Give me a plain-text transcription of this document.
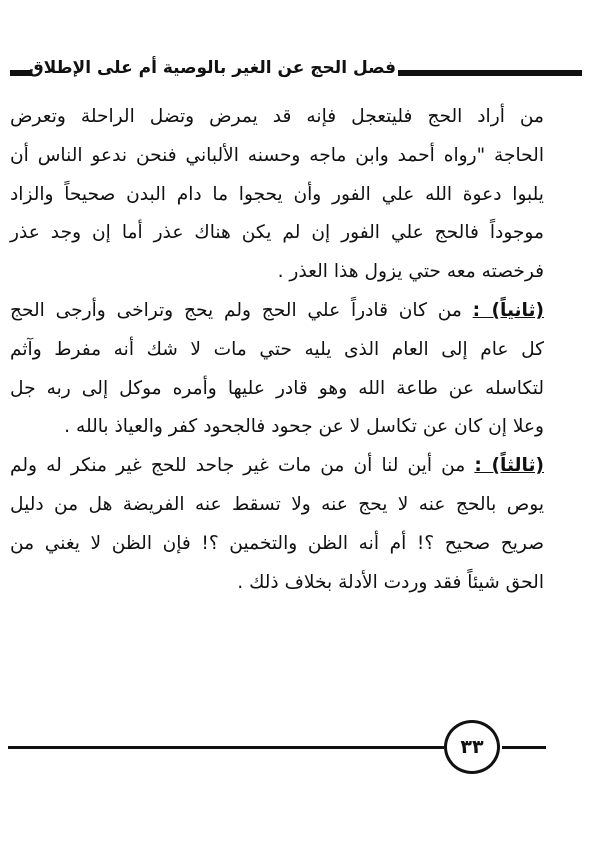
فصل الحج عن الغير بالوصية أم على الإطلاق
من أراد الحج فليتعجل فإنه قد يمرض وتضل الراحلة وتعرض
الحاجة "رواه أحمد وابن ماجه وحسنه الألباني فنحن ندعو الناس أن
يلبوا دعوة الله علي الفور وأن يحجوا ما دام البدن صحيحاً والزاد
موجوداً فالحج علي الفور إن لم يكن هناك عذر أما إن وجد عذر
فرخصته معه حتي يزول هذا العذر .
(ثانياً) : من كان قادراً علي الحج ولم يحج وتراخى وأرجى الحج
كل عام إلى العام الذى يليه حتي مات لا شك أنه مفرط وآثم
لتكاسله عن طاعة الله وهو قادر عليها وأمره موكل إلى ربه جل
وعلا إن كان عن تكاسل لا عن جحود فالجحود كفر والعياذ بالله .
(ثالثاً) : من أين لنا أن من مات غير جاحد للحج غير منكر له ولم
يوص بالحج عنه لا يحج عنه ولا تسقط عنه الفريضة هل من دليل
صريح صحيح ؟! أم أنه الظن والتخمين ؟! فإن الظن لا يغني من
الحق شيئاً فقد وردت الأدلة بخلاف ذلك .
٣٣
